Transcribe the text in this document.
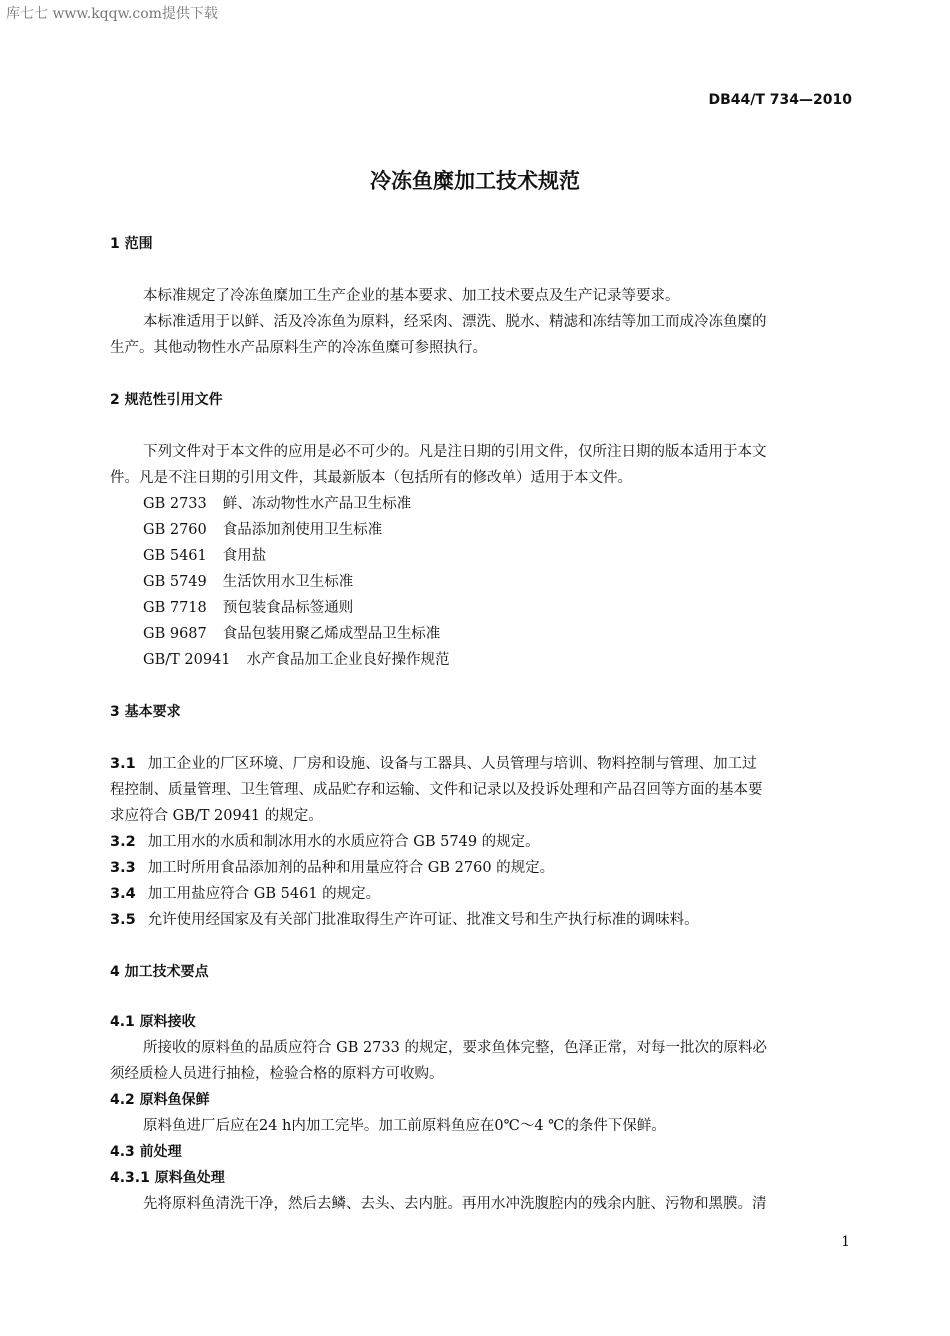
库七七 www.kqqw.com提供下载
DB44/T 734—2010
冷冻鱼糜加工技术规范
1 范围
本标准规定了冷冻鱼糜加工生产企业的基本要求、加工技术要点及生产记录等要求。
本标准适用于以鲜、活及冷冻鱼为原料，经采肉、漂洗、脱水、精滤和冻结等加工而成冷冻鱼糜的
生产。其他动物性水产品原料生产的冷冻鱼糜可参照执行。
2 规范性引用文件
下列文件对于本文件的应用是必不可少的。凡是注日期的引用文件，仅所注日期的版本适用于本文
件。凡是不注日期的引用文件，其最新版本（包括所有的修改单）适用于本文件。
GB 2733 鲜、冻动物性水产品卫生标准
GB 2760 食品添加剂使用卫生标准
GB 5461 食用盐
GB 5749 生活饮用水卫生标准
GB 7718 预包装食品标签通则
GB 9687 食品包装用聚乙烯成型品卫生标准
GB/T 20941 水产食品加工企业良好操作规范
3 基本要求
3.1 加工企业的厂区环境、厂房和设施、设备与工器具、人员管理与培训、物料控制与管理、加工过
程控制、质量管理、卫生管理、成品贮存和运输、文件和记录以及投诉处理和产品召回等方面的基本要
求应符合 GB/T 20941 的规定。
3.2 加工用水的水质和制冰用水的水质应符合 GB 5749 的规定。
3.3 加工时所用食品添加剂的品种和用量应符合 GB 2760 的规定。
3.4 加工用盐应符合 GB 5461 的规定。
3.5 允许使用经国家及有关部门批准取得生产许可证、批准文号和生产执行标准的调味料。
4 加工技术要点
4.1 原料接收
所接收的原料鱼的品质应符合 GB 2733 的规定，要求鱼体完整，色泽正常，对每一批次的原料必
须经质检人员进行抽检，检验合格的原料方可收购。
4.2 原料鱼保鲜
原料鱼进厂后应在24 h内加工完毕。加工前原料鱼应在0℃～4 ℃的条件下保鲜。
4.3 前处理
4.3.1 原料鱼处理
先将原料鱼清洗干净，然后去鳞、去头、去内脏。再用水冲洗腹腔内的残余内脏、污物和黑膜。清
1
